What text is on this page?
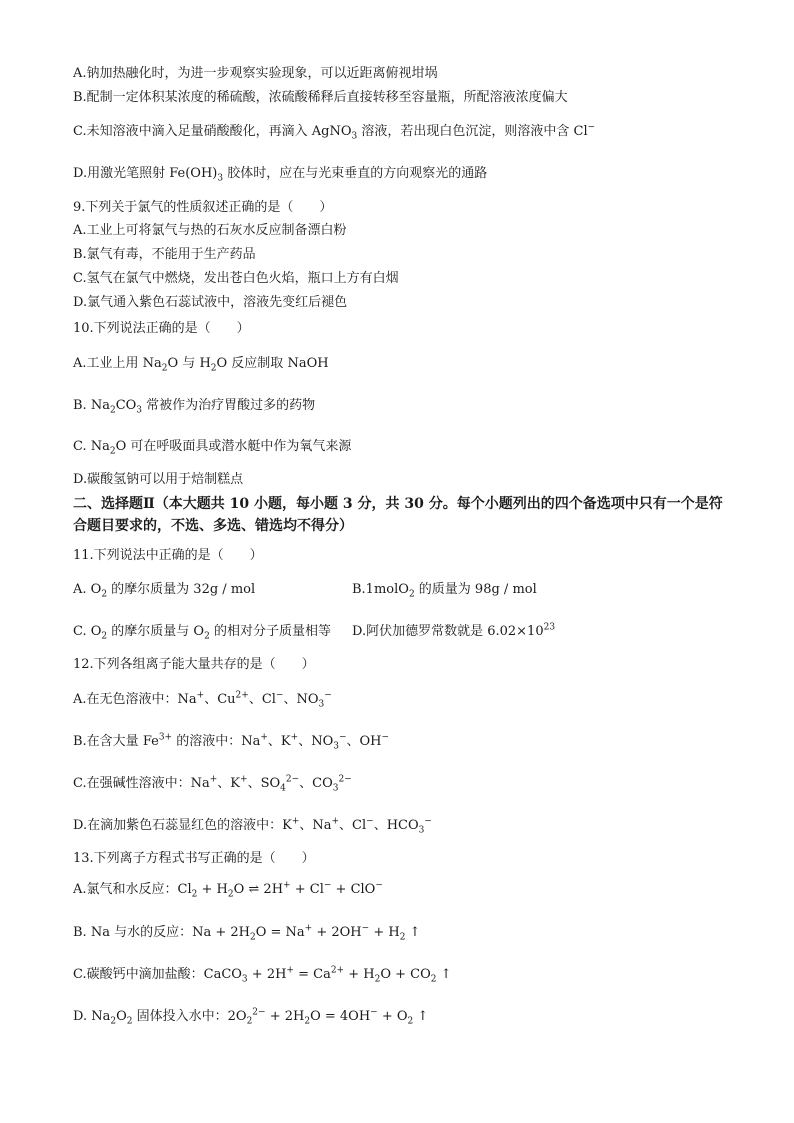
A.钠加热融化时，为进一步观察实验现象，可以近距离俯视坩埚
B.配制一定体积某浓度的稀硫酸，浓硫酸稀释后直接转移至容量瓶，所配溶液浓度偏大
C.未知溶液中滴入足量硝酸酸化，再滴入 AgNO$_3$ 溶液，若出现白色沉淀，则溶液中含 Cl−
D.用激光笔照射 $Fe(OH)_3$ 胶体时，应在与光束垂直的方向观察光的通路
9.下列关于氯气的性质叙述正确的是（　　）
A.工业上可将氯气与热的石灰水反应制备漂白粉
B.氯气有毒，不能用于生产药品
C.氢气在氯气中燃烧，发出苍白色火焰，瓶口上方有白烟
D.氯气通入紫色石蕊试液中，溶液先变红后褪色
10.下列说法正确的是（　　）
A.工业上用 $Na_2O$ 与 $H_2O$ 反应制取 NaOH
B. $Na_2CO_3$ 常被作为治疗胃酸过多的药物
C. $Na_2O$ 可在呼吸面具或潜水艇中作为氧气来源
D.碳酸氢钠可以用于焙制糕点
二、选择题Ⅱ（本大题共 10 小题，每小题 3 分，共 30 分。每个小题列出的四个备选项中只有一个是符合题目要求的，不选、多选、错选均不得分）
11.下列说法中正确的是（　　）
A. $O_2$ 的摩尔质量为 32g / mol	B.1molO$_2$ 的质量为 98g / mol
C. $O_2$ 的摩尔质量与 $O_2$ 的相对分子质量相等 D.阿伏加德罗常数就是 $6.02\times 10^{23}$
12.下列各组离子能大量共存的是（　　）
A.在无色溶液中：Na+、$Cu^{2+}$、Cl−、$NO_3^-$
B.在含大量 $Fe^{3+}$ 的溶液中：Na+、K+、$NO_3^-$、OH−
C.在强碱性溶液中：Na+、K+、$SO_4^{2-}$、$CO_3^{2-}$
D.在滴加紫色石蕊显红色的溶液中：K+、Na+、Cl−、$HCO_3^-$
13.下列离子方程式书写正确的是（　　）
A.氯气和水反应：$Cl_2 + H_2O$ ⇌ 2H+ + Cl− + ClO−
B. Na 与水的反应：$Na + 2H_2O = Na^+ + 2OH^- + H_2$ ↑
C.碳酸钙中滴加盐酸：CaCO$_3$ + $2H^+ = Ca^{2+} + H_2O + CO_2$ ↑
D. $Na_2O_2$ 固体投入水中：$2O_2^{2-} + 2H_2O = 4OH^- + O_2$ ↑
